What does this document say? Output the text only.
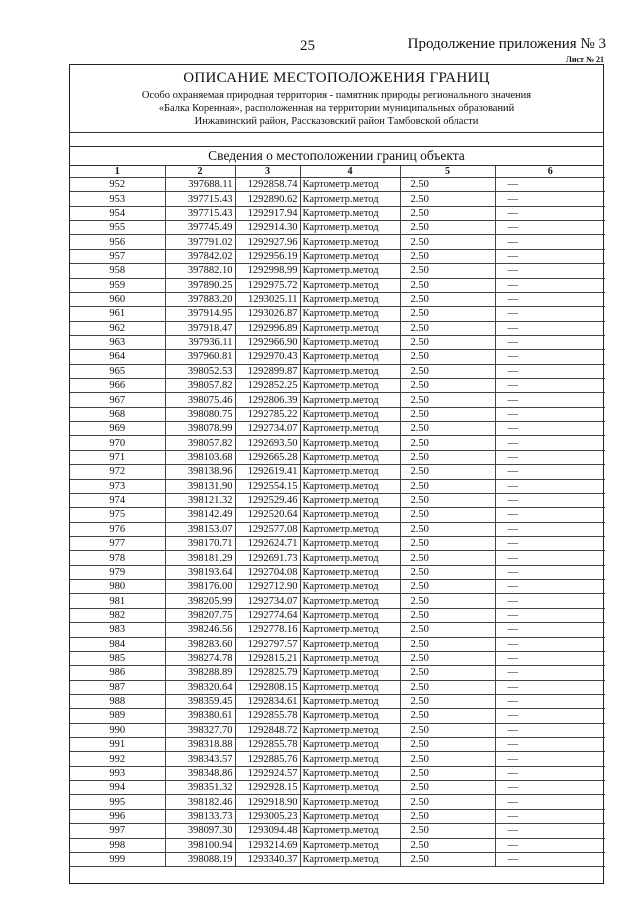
25	Продолжение приложения № 3
Лист № 21
ОПИСАНИЕ МЕСТОПОЛОЖЕНИЯ ГРАНИЦ
Особо охраняемая природная территория - памятник природы регионального значения
«Балка Коренная», расположенная на территории муниципальных образований
Инжавинский район, Рассказовский район Тамбовской области
Сведения о местоположении границ объекта
1	2	3	4	5	6
952	397688.11	1292858.74	Картометр.метод	2.50	—
953	397715.43	1292890.62	Картометр.метод	2.50	—
954	397715.43	1292917.94	Картометр.метод	2.50	—
955	397745.49	1292914.30	Картометр.метод	2.50	—
956	397791.02	1292927.96	Картометр.метод	2.50	—
957	397842.02	1292956.19	Картометр.метод	2.50	—
958	397882.10	1292998.99	Картометр.метод	2.50	—
959	397890.25	1292975.72	Картометр.метод	2.50	—
960	397883.20	1293025.11	Картометр.метод	2.50	—
961	397914.95	1293026.87	Картометр.метод	2.50	—
962	397918.47	1292996.89	Картометр.метод	2.50	—
963	397936.11	1292966.90	Картометр.метод	2.50	—
964	397960.81	1292970.43	Картометр.метод	2.50	—
965	398052.53	1292899.87	Картометр.метод	2.50	—
966	398057.82	1292852.25	Картометр.метод	2.50	—
967	398075.46	1292806.39	Картометр.метод	2.50	—
968	398080.75	1292785.22	Картометр.метод	2.50	—
969	398078.99	1292734.07	Картометр.метод	2.50	—
970	398057.82	1292693.50	Картометр.метод	2.50	—
971	398103.68	1292665.28	Картометр.метод	2.50	—
972	398138.96	1292619.41	Картометр.метод	2.50	—
973	398131.90	1292554.15	Картометр.метод	2.50	—
974	398121.32	1292529.46	Картометр.метод	2.50	—
975	398142.49	1292520.64	Картометр.метод	2.50	—
976	398153.07	1292577.08	Картометр.метод	2.50	—
977	398170.71	1292624.71	Картометр.метод	2.50	—
978	398181.29	1292691.73	Картометр.метод	2.50	—
979	398193.64	1292704.08	Картометр.метод	2.50	—
980	398176.00	1292712.90	Картометр.метод	2.50	—
981	398205.99	1292734.07	Картометр.метод	2.50	—
982	398207.75	1292774.64	Картометр.метод	2.50	—
983	398246.56	1292778.16	Картометр.метод	2.50	—
984	398283.60	1292797.57	Картометр.метод	2.50	—
985	398274.78	1292815.21	Картометр.метод	2.50	—
986	398288.89	1292825.79	Картометр.метод	2.50	—
987	398320.64	1292808.15	Картометр.метод	2.50	—
988	398359.45	1292834.61	Картометр.метод	2.50	—
989	398380.61	1292855.78	Картометр.метод	2.50	—
990	398327.70	1292848.72	Картометр.метод	2.50	—
991	398318.88	1292855.78	Картометр.метод	2.50	—
992	398343.57	1292885.76	Картометр.метод	2.50	—
993	398348.86	1292924.57	Картометр.метод	2.50	—
994	398351.32	1292928.15	Картометр.метод	2.50	—
995	398182.46	1292918.90	Картометр.метод	2.50	—
996	398133.73	1293005.23	Картометр.метод	2.50	—
997	398097.30	1293094.48	Картометр.метод	2.50	—
998	398100.94	1293214.69	Картометр.метод	2.50	—
999	398088.19	1293340.37	Картометр.метод	2.50	—
